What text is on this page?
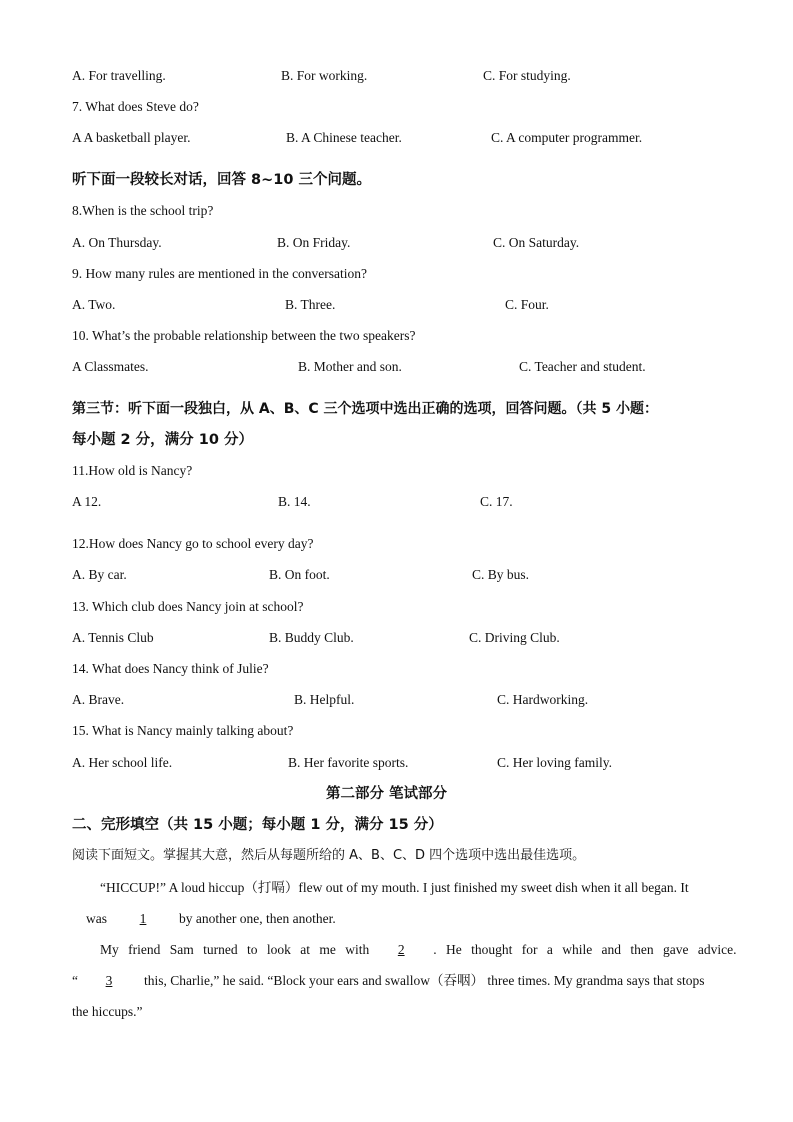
A. For travelling.	B. For working.	C. For studying.
7. What does Steve do?
A A basketball player.	B. A Chinese teacher.	C. A computer programmer.
听下面一段较长对话，回答 8~10 三个问题。
8.When is the school trip?
A. On Thursday.	B. On Friday.	C. On Saturday.
9. How many rules are mentioned in the conversation?
A. Two.	B. Three.	C. Four.
10. What’s the probable relationship between the two speakers?
A Classmates.	B. Mother and son.	C. Teacher and student.
第三节：听下面一段独白，从 A、B、C 三个选项中选出正确的选项，回答问题。（共 5 小题：
每小题 2 分，满分 10 分）
11.How old is Nancy?
A 12.	B. 14.	C. 17.
12.How does Nancy go to school every day?
A. By car.	B. On foot.	C. By bus.
13. Which club does Nancy join at school?
A. Tennis Club	B. Buddy Club.	C. Driving Club.
14. What does Nancy think of Julie?
A. Brave.	B. Helpful.	C. Hardworking.
15. What is Nancy mainly talking about?
A. Her school life.	B. Her favorite sports.	C. Her loving family.
第二部分 笔试部分
二、完形填空（共 15 小题；每小题 1 分，满分 15 分）
阅读下面短文。掌握其大意，然后从每题所给的 A、B、C、D 四个选项中选出最佳选项。
“HICCUP!” A loud hiccup（打嗝）flew out of my mouth. I just finished my sweet dish when it all began. It
was	1	by another one, then another.
My friend Sam turned to look at me with	2	. He thought for a while and then gave advice.
“	3	this, Charlie,” he said. “Block your ears and swallow（吞咽） three times. My grandma says that stops
the hiccups.”
